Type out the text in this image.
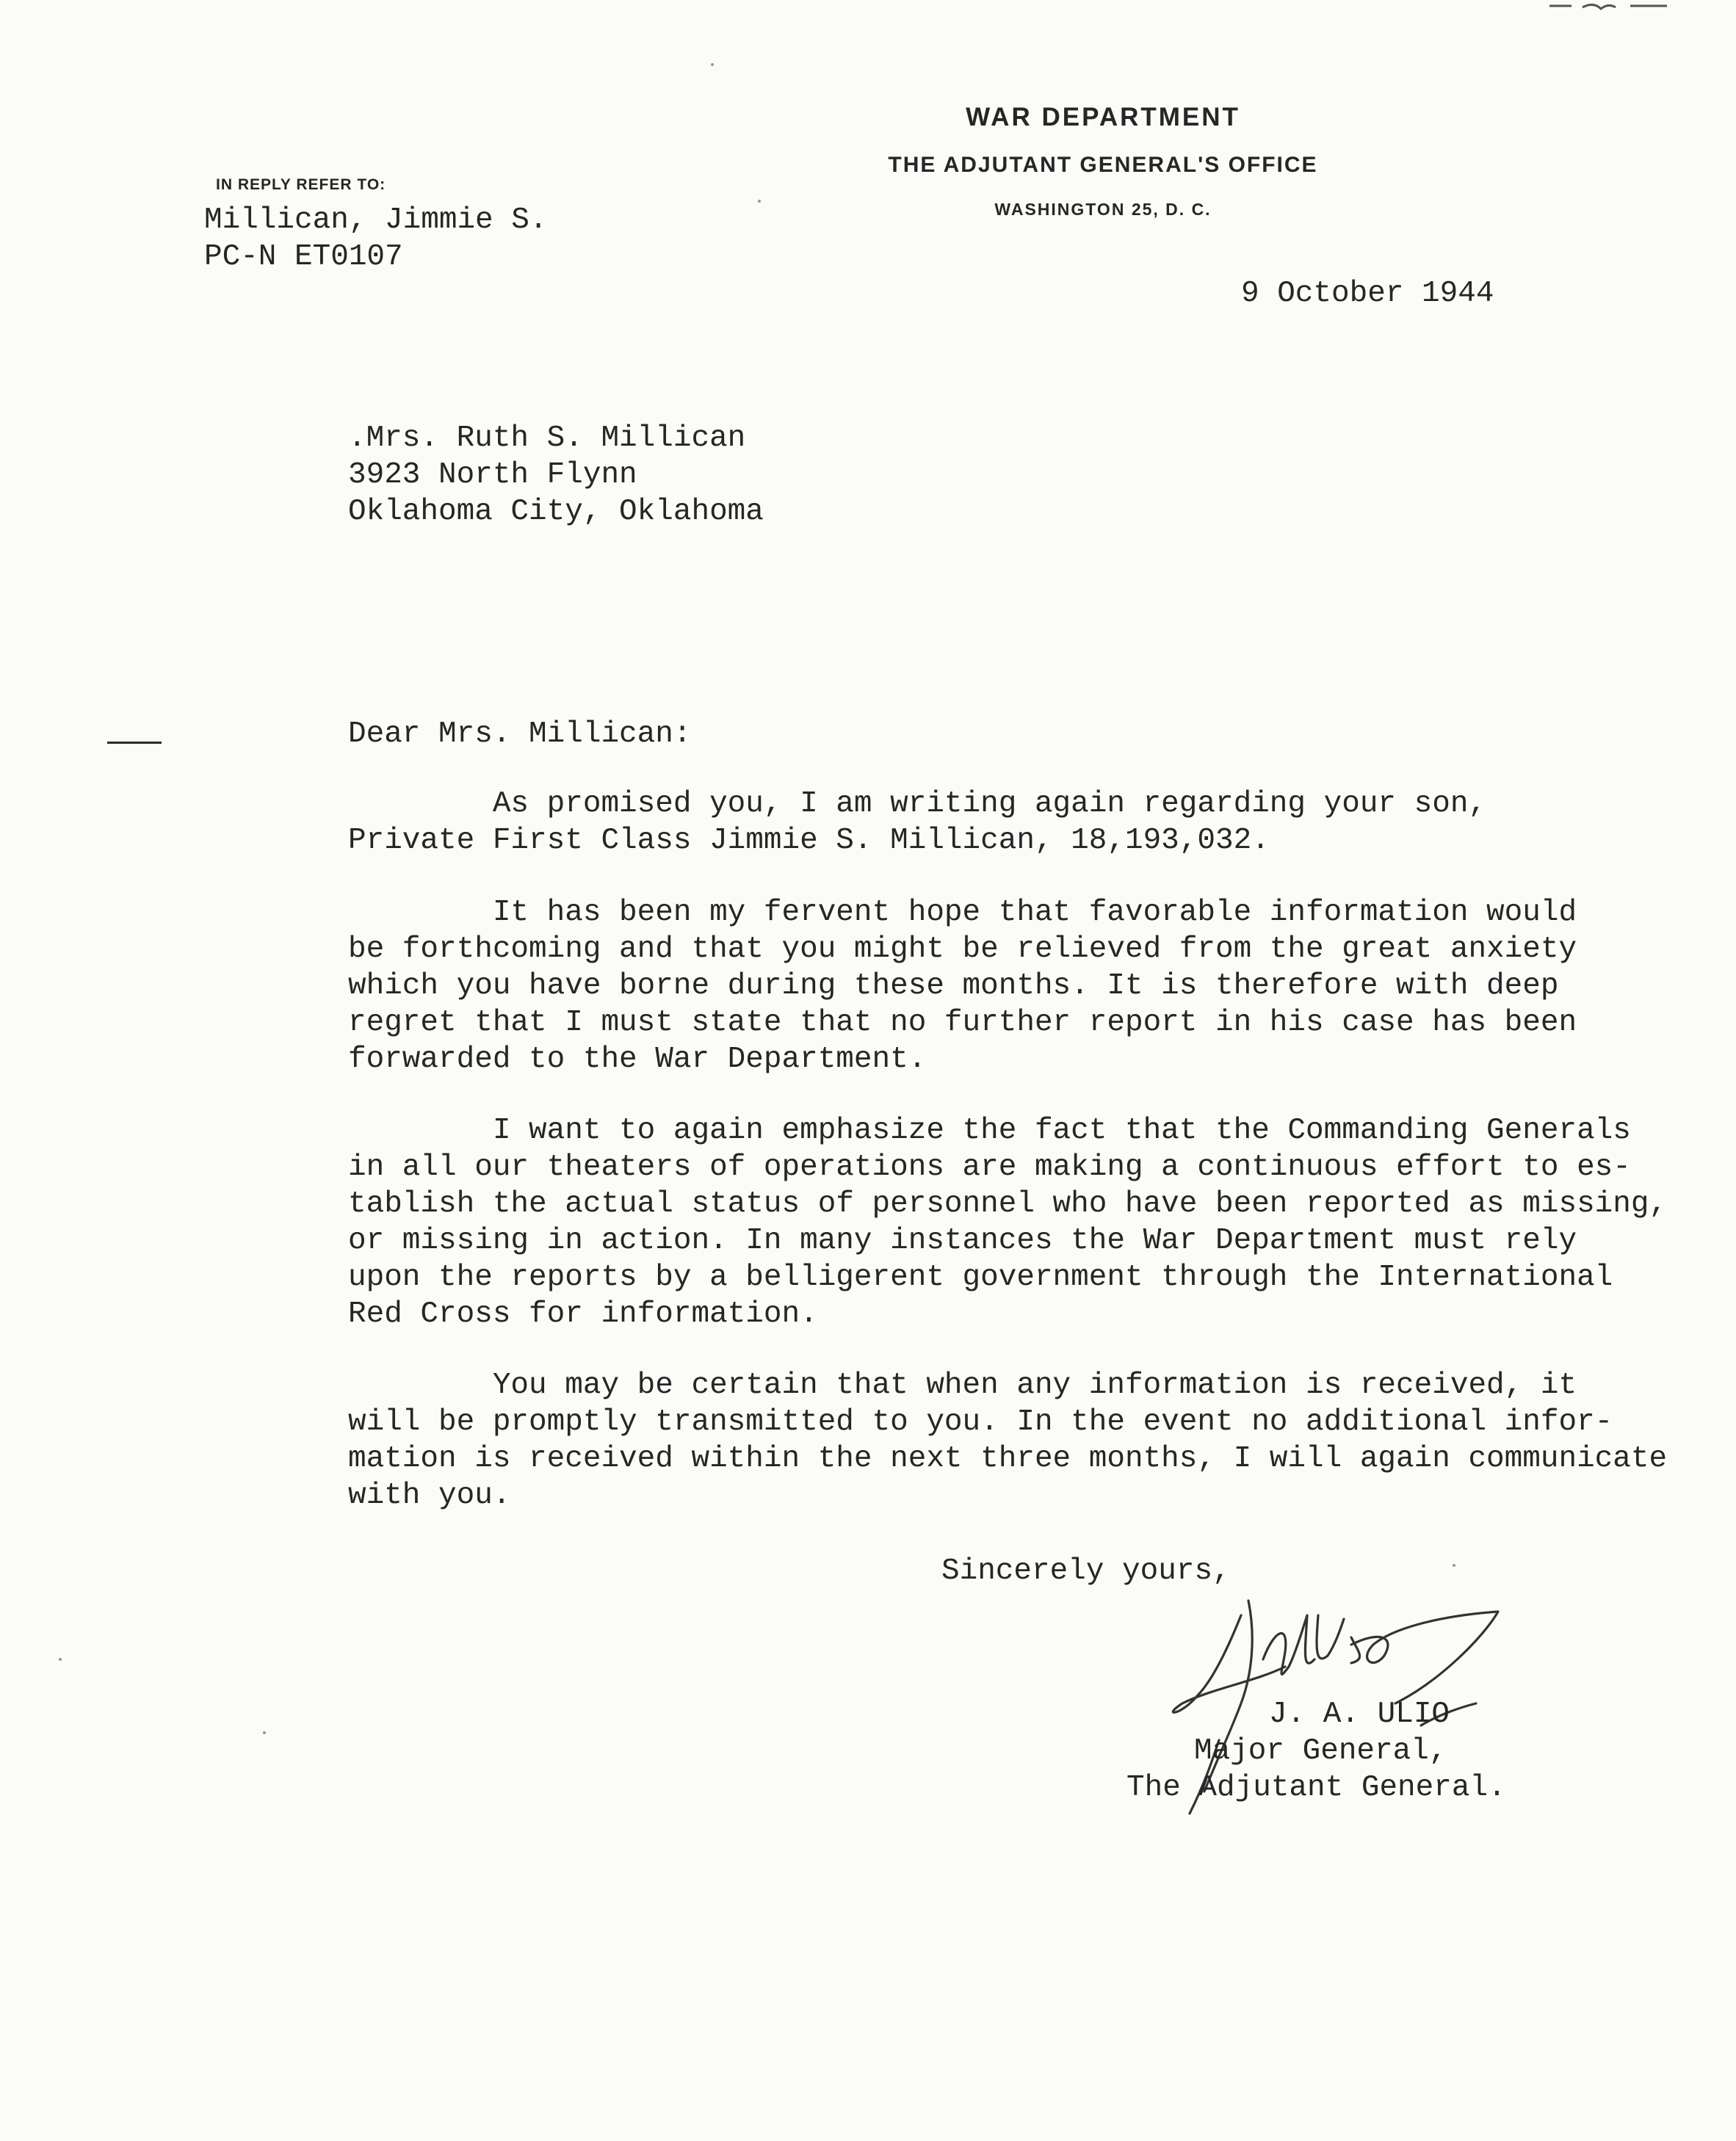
WAR DEPARTMENT
THE ADJUTANT GENERAL'S OFFICE
WASHINGTON 25, D. C.
IN REPLY REFER TO:
Millican, Jimmie S.
PC-N ET0107
9 October 1944
.Mrs. Ruth S. Millican
3923 North Flynn
Oklahoma City, Oklahoma
Dear Mrs. Millican:
As promised you, I am writing again regarding your son,
Private First Class Jimmie S. Millican, 18,193,032.
It has been my fervent hope that favorable information would
be forthcoming and that you might be relieved from the great anxiety
which you have borne during these months. It is therefore with deep
regret that I must state that no further report in his case has been
forwarded to the War Department.
I want to again emphasize the fact that the Commanding Generals
in all our theaters of operations are making a continuous effort to es-
tablish the actual status of personnel who have been reported as missing,
or missing in action. In many instances the War Department must rely
upon the reports by a belligerent government through the International
Red Cross for information.
You may be certain that when any information is received, it
will be promptly transmitted to you. In the event no additional infor-
mation is received within the next three months, I will again communicate
with you.
Sincerely yours,
J. A. ULIO
Major General,
The Adjutant General.
